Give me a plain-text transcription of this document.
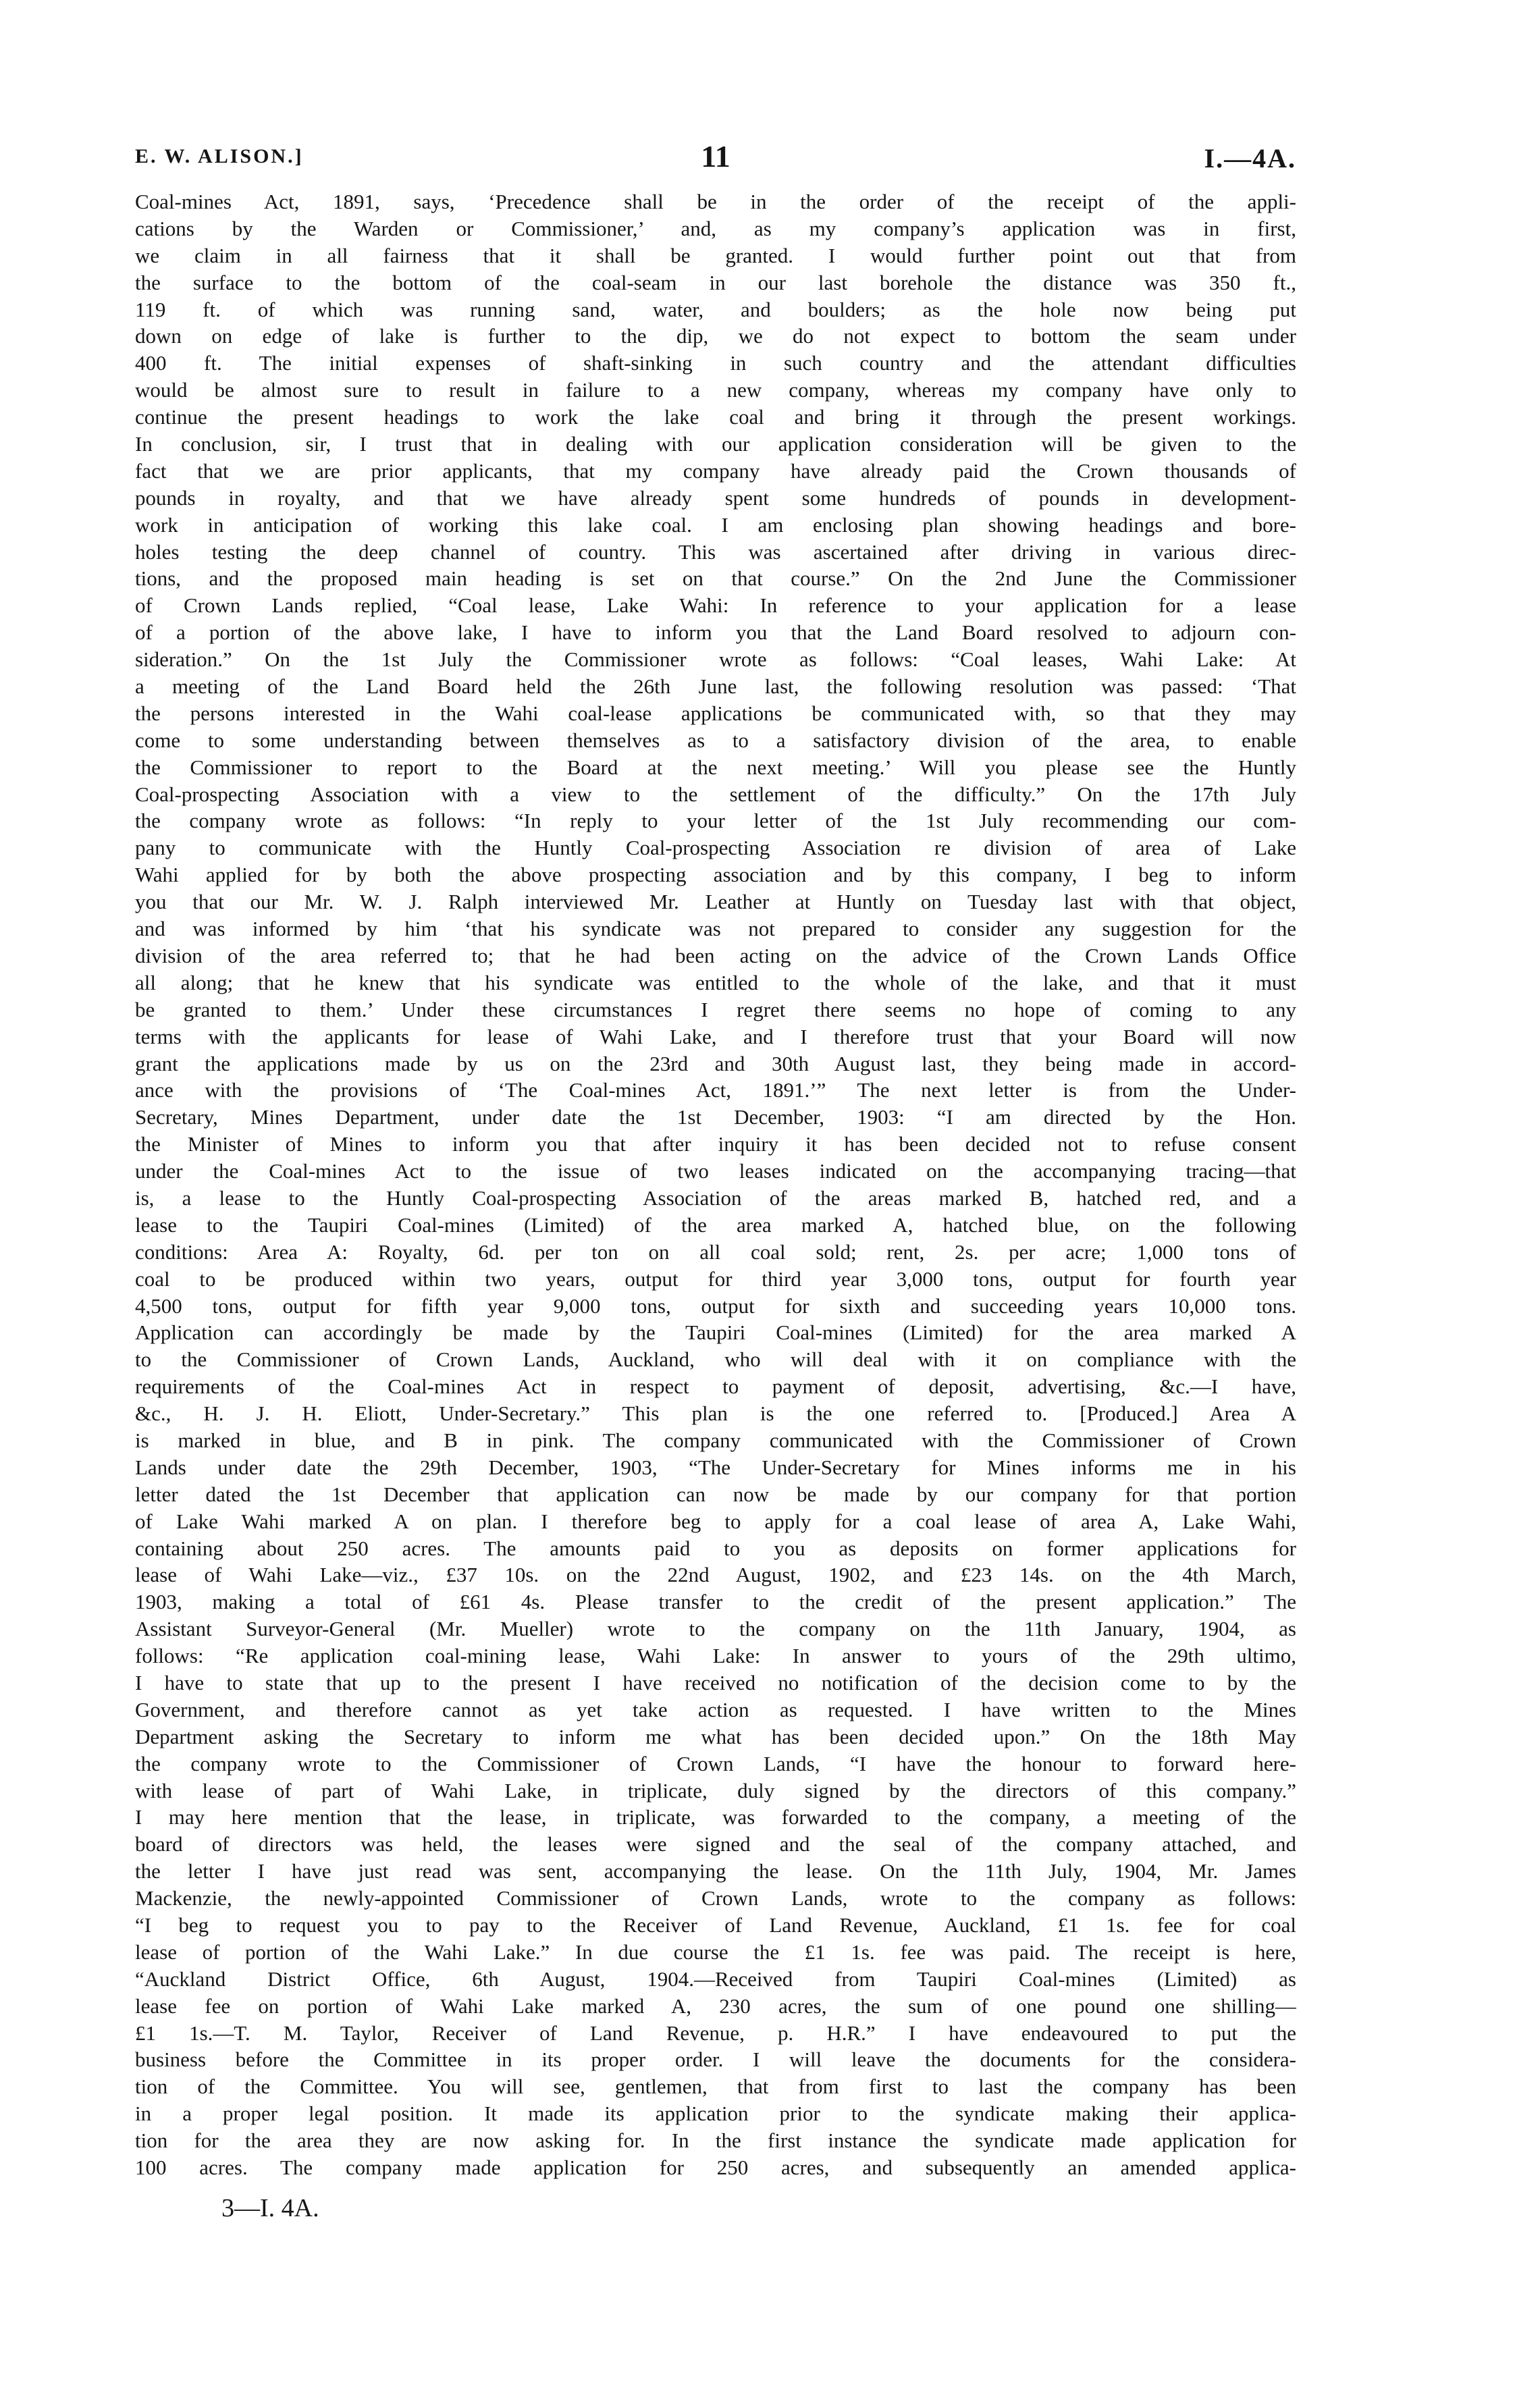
E. W. ALISON.]	11	I.—4A.
Coal-mines Act, 1891, says, ‘Precedence shall be in the order of the receipt of the appli-
cations by the Warden or Commissioner,’ and, as my company’s application was in first,
we claim in all fairness that it shall be granted. I would further point out that from
the surface to the bottom of the coal-seam in our last borehole the distance was 350 ft.,
119 ft. of which was running sand, water, and boulders; as the hole now being put
down on edge of lake is further to the dip, we do not expect to bottom the seam under
400 ft. The initial expenses of shaft-sinking in such country and the attendant difficulties
would be almost sure to result in failure to a new company, whereas my company have only to
continue the present headings to work the lake coal and bring it through the present workings.
In conclusion, sir, I trust that in dealing with our application consideration will be given to the
fact that we are prior applicants, that my company have already paid the Crown thousands of
pounds in royalty, and that we have already spent some hundreds of pounds in development-
work in anticipation of working this lake coal. I am enclosing plan showing headings and bore-
holes testing the deep channel of country. This was ascertained after driving in various direc-
tions, and the proposed main heading is set on that course.” On the 2nd June the Commissioner
of Crown Lands replied, “Coal lease, Lake Wahi: In reference to your application for a lease
of a portion of the above lake, I have to inform you that the Land Board resolved to adjourn con-
sideration.” On the 1st July the Commissioner wrote as follows: “Coal leases, Wahi Lake: At
a meeting of the Land Board held the 26th June last, the following resolution was passed: ‘That
the persons interested in the Wahi coal-lease applications be communicated with, so that they may
come to some understanding between themselves as to a satisfactory division of the area, to enable
the Commissioner to report to the Board at the next meeting.’ Will you please see the Huntly
Coal-prospecting Association with a view to the settlement of the difficulty.” On the 17th July
the company wrote as follows: “In reply to your letter of the 1st July recommending our com-
pany to communicate with the Huntly Coal-prospecting Association re division of area of Lake
Wahi applied for by both the above prospecting association and by this company, I beg to inform
you that our Mr. W. J. Ralph interviewed Mr. Leather at Huntly on Tuesday last with that object,
and was informed by him ‘that his syndicate was not prepared to consider any suggestion for the
division of the area referred to; that he had been acting on the advice of the Crown Lands Office
all along; that he knew that his syndicate was entitled to the whole of the lake, and that it must
be granted to them.’ Under these circumstances I regret there seems no hope of coming to any
terms with the applicants for lease of Wahi Lake, and I therefore trust that your Board will now
grant the applications made by us on the 23rd and 30th August last, they being made in accord-
ance with the provisions of ‘The Coal-mines Act, 1891.’” The next letter is from the Under-
Secretary, Mines Department, under date the 1st December, 1903: “I am directed by the Hon.
the Minister of Mines to inform you that after inquiry it has been decided not to refuse consent
under the Coal-mines Act to the issue of two leases indicated on the accompanying tracing—that
is, a lease to the Huntly Coal-prospecting Association of the areas marked B, hatched red, and a
lease to the Taupiri Coal-mines (Limited) of the area marked A, hatched blue, on the following
conditions: Area A: Royalty, 6d. per ton on all coal sold; rent, 2s. per acre; 1,000 tons of
coal to be produced within two years, output for third year 3,000 tons, output for fourth year
4,500 tons, output for fifth year 9,000 tons, output for sixth and succeeding years 10,000 tons.
Application can accordingly be made by the Taupiri Coal-mines (Limited) for the area marked A
to the Commissioner of Crown Lands, Auckland, who will deal with it on compliance with the
requirements of the Coal-mines Act in respect to payment of deposit, advertising, &c.—I have,
&c., H. J. H. Eliott, Under-Secretary.” This plan is the one referred to. [Produced.] Area A
is marked in blue, and B in pink. The company communicated with the Commissioner of Crown
Lands under date the 29th December, 1903, “The Under-Secretary for Mines informs me in his
letter dated the 1st December that application can now be made by our company for that portion
of Lake Wahi marked A on plan. I therefore beg to apply for a coal lease of area A, Lake Wahi,
containing about 250 acres. The amounts paid to you as deposits on former applications for
lease of Wahi Lake—viz., £37 10s. on the 22nd August, 1902, and £23 14s. on the 4th March,
1903, making a total of £61 4s. Please transfer to the credit of the present application.” The
Assistant Surveyor-General (Mr. Mueller) wrote to the company on the 11th January, 1904, as
follows: “Re application coal-mining lease, Wahi Lake: In answer to yours of the 29th ultimo,
I have to state that up to the present I have received no notification of the decision come to by the
Government, and therefore cannot as yet take action as requested. I have written to the Mines
Department asking the Secretary to inform me what has been decided upon.” On the 18th May
the company wrote to the Commissioner of Crown Lands, “I have the honour to forward here-
with lease of part of Wahi Lake, in triplicate, duly signed by the directors of this company.”
I may here mention that the lease, in triplicate, was forwarded to the company, a meeting of the
board of directors was held, the leases were signed and the seal of the company attached, and
the letter I have just read was sent, accompanying the lease. On the 11th July, 1904, Mr. James
Mackenzie, the newly-appointed Commissioner of Crown Lands, wrote to the company as follows:
“I beg to request you to pay to the Receiver of Land Revenue, Auckland, £1 1s. fee for coal
lease of portion of the Wahi Lake.” In due course the £1 1s. fee was paid. The receipt is here,
“Auckland District Office, 6th August, 1904.—Received from Taupiri Coal-mines (Limited) as
lease fee on portion of Wahi Lake marked A, 230 acres, the sum of one pound one shilling—
£1 1s.—T. M. Taylor, Receiver of Land Revenue, p. H.R.” I have endeavoured to put the
business before the Committee in its proper order. I will leave the documents for the considera-
tion of the Committee. You will see, gentlemen, that from first to last the company has been
in a proper legal position. It made its application prior to the syndicate making their applica-
tion for the area they are now asking for. In the first instance the syndicate made application for
100 acres. The company made application for 250 acres, and subsequently an amended applica-
3—I. 4A.
